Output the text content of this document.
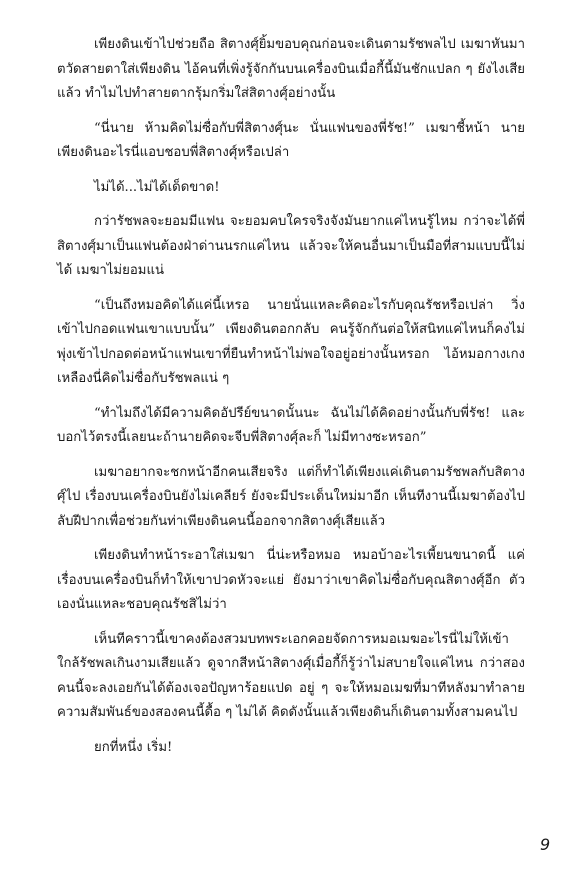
เพียงดินเข้าไปช่วยถือ สิตางศุ์ยิ้มขอบคุณก่อนจะเดินตามรัชพลไป เมฆาหันมาตวัดสายตาใส่เพียงดิน ไอ้คนที่เพิ่งรู้จักกันบนเครื่องบินเมื่อกี้นี้มันชักแปลก ๆ ยังไงเสียแล้ว ทำไมไปทำสายตากรุ้มกริ่มใส่สิตางศุ์อย่างนั้น

“นี่นาย ห้ามคิดไม่ซื่อกับพี่สิตางศุ์นะ นั่นแฟนของพี่รัช!” เมฆาชี้หน้า นายเพียงดินอะไรนี่แอบชอบพี่สิตางศุ์หรือเปล่า

ไม่ได้...ไม่ได้เด็ดขาด!

กว่ารัชพลจะยอมมีแฟน จะยอมคบใครจริงจังมันยากแค่ไหนรู้ไหม กว่าจะได้พี่สิตางศุ์มาเป็นแฟนต้องฝ่าด่านนรกแค่ไหน แล้วจะให้คนอื่นมาเป็นมือที่สามแบบนี้ไม่ได้ เมฆาไม่ยอมแน่

“เป็นถึงหมอคิดได้แค่นี้เหรอ นายนั่นแหละคิดอะไรกับคุณรัชหรือเปล่า วิ่งเข้าไปกอดแฟนเขาแบบนั้น” เพียงดินตอกกลับ คนรู้จักกันต่อให้สนิทแค่ไหนก็คงไม่พุ่งเข้าไปกอดต่อหน้าแฟนเขาที่ยืนทำหน้าไม่พอใจอยู่อย่างนั้นหรอก ไอ้หมอกางเกงเหลืองนี่คิดไม่ซื่อกับรัชพลแน่ ๆ

“ทำไมถึงได้มีความคิดอัปรีย์ขนาดนั้นนะ ฉันไม่ได้คิดอย่างนั้นกับพี่รัช! และบอกไว้ตรงนี้เลยนะถ้านายคิดจะจีบพี่สิตางศุ์ละก็ ไม่มีทางซะหรอก”

เมฆาอยากจะชกหน้าอีกคนเสียจริง แต่ก็ทำได้เพียงแค่เดินตามรัชพลกับสิตางศุ์ไป เรื่องบนเครื่องบินยังไม่เคลียร์ ยังจะมีประเด็นใหม่มาอีก เห็นทีงานนี้เมฆาต้องไปลับฝีปากเพื่อช่วยกันท่าเพียงดินคนนี้ออกจากสิตางศุ์เสียแล้ว

เพียงดินทำหน้าระอาใส่เมฆา นี่น่ะหรือหมอ หมอบ้าอะไรเพี้ยนขนาดนี้ แค่เรื่องบนเครื่องบินก็ทำให้เขาปวดหัวจะแย่ ยังมาว่าเขาคิดไม่ซื่อกับคุณสิตางศุ์อีก ตัวเองนั่นแหละชอบคุณรัชสิไม่ว่า

เห็นทีคราวนี้เขาคงต้องสวมบทพระเอกคอยจัดการหมอเมฆอะไรนี่ไม่ให้เข้าใกล้รัชพลเกินงามเสียแล้ว ดูจากสีหน้าสิตางศุ์เมื่อกี้ก็รู้ว่าไม่สบายใจแค่ไหน กว่าสองคนนี้จะลงเอยกันได้ต้องเจอปัญหาร้อยแปด อยู่ ๆ จะให้หมอเมฆที่มาทีหลังมาทำลายความสัมพันธ์ของสองคนนี้ดื้อ ๆ ไม่ได้ คิดดังนั้นแล้วเพียงดินก็เดินตามทั้งสามคนไป

ยกที่หนึ่ง เริ่ม!

9
